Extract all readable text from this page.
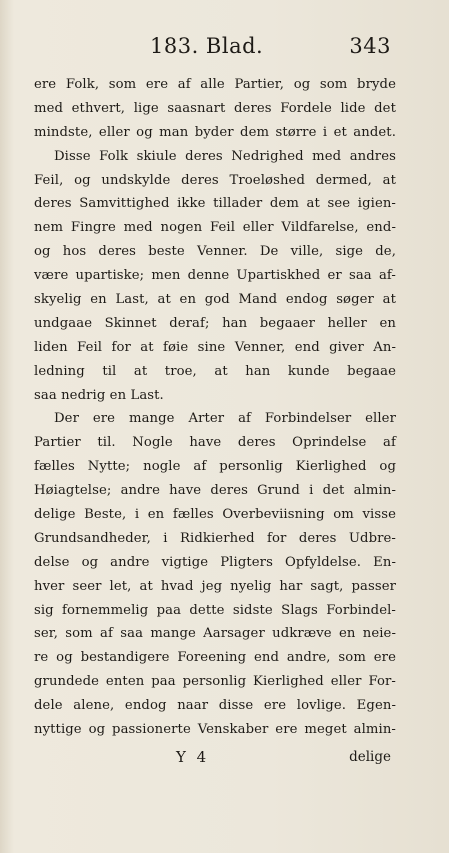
183. Blad.	343
ere Folk, som ere af alle Partier, og som bryde
med ethvert, lige saasnart deres Fordele lide det
mindste, eller og man byder dem større i et andet.
Disse Folk skiule deres Nedrighed med andres
Feil, og undskylde deres Troeløshed dermed, at
deres Samvittighed ikke tillader dem at see igien-
nem Fingre med nogen Feil eller Vildfarelse, end-
og hos deres beste Venner. De ville, sige de,
være upartiske; men denne Upartiskhed er saa af-
skyelig en Last, at en god Mand endog søger at
undgaae Skinnet deraf; han begaaer heller en
liden Feil for at føie sine Venner, end giver An-
ledning til at troe, at han kunde begaae
saa nedrig en Last.
Der ere mange Arter af Forbindelser eller
Partier til. Nogle have deres Oprindelse af
fælles Nytte; nogle af personlig Kierlighed og
Høiagtelse; andre have deres Grund i det almin-
delige Beste, i en fælles Overbeviisning om visse
Grundsandheder, i Ridkierhed for deres Udbre-
delse og andre vigtige Pligters Opfyldelse. En-
hver seer let, at hvad jeg nyelig har sagt, passer
sig fornemmelig paa dette sidste Slags Forbindel-
ser, som af saa mange Aarsager udkræve en neie-
re og bestandigere Foreening end andre, som ere
grundede enten paa personlig Kierlighed eller For-
dele alene, endog naar disse ere lovlige. Egen-
nyttige og passionerte Venskaber ere meget almin-
Y 4	delige
